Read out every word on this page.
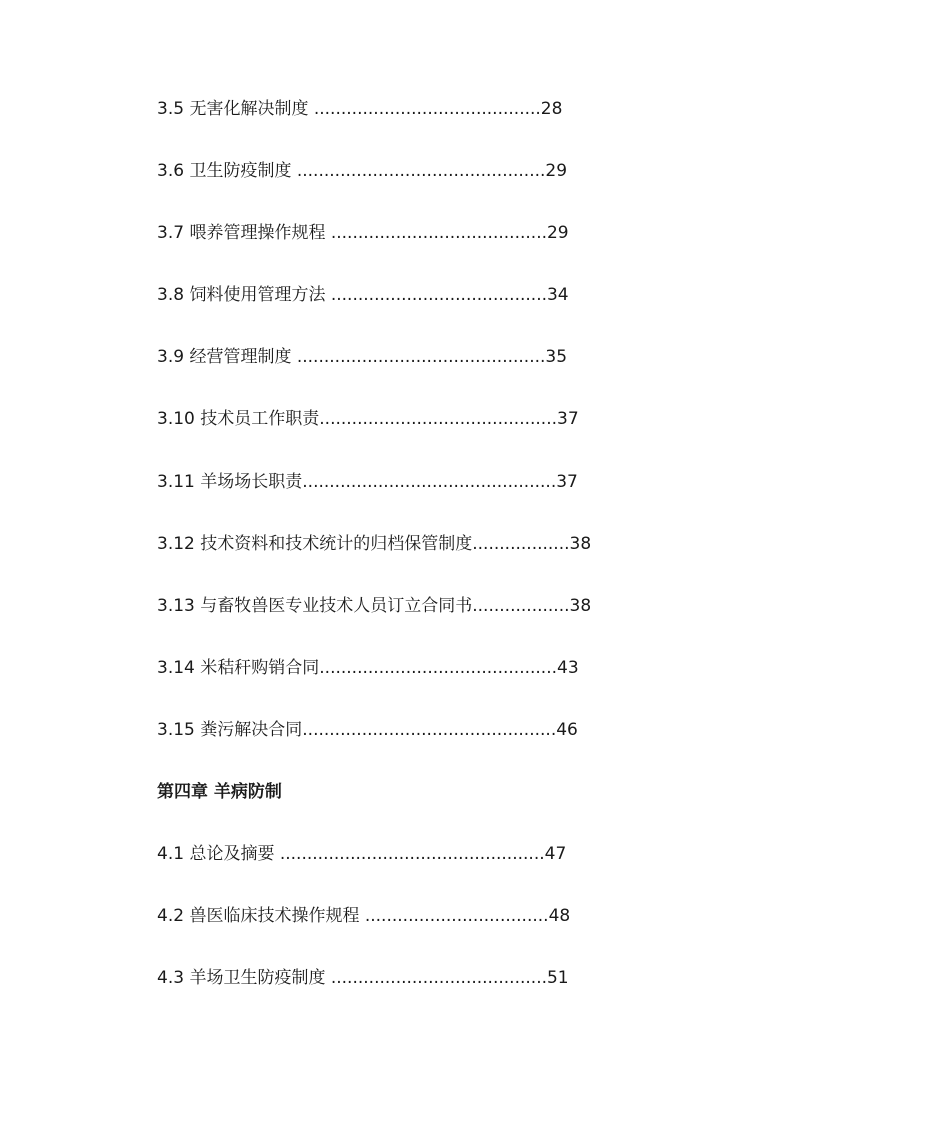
3.5 无害化解决制度 ..........................................28
3.6 卫生防疫制度 ..............................................29
3.7 喂养管理操作规程 ........................................29
3.8 饲料使用管理方法 ........................................34
3.9 经营管理制度 ..............................................35
3.10 技术员工作职责............................................37
3.11 羊场场长职责...............................................37
3.12 技术资料和技术统计的归档保管制度..................38
3.13 与畜牧兽医专业技术人员订立合同书..................38
3.14 米秸秆购销合同............................................43
3.15 粪污解决合同...............................................46
第四章 羊病防制
4.1 总论及摘要 .................................................47
4.2 兽医临床技术操作规程 ..................................48
4.3 羊场卫生防疫制度 ........................................51
